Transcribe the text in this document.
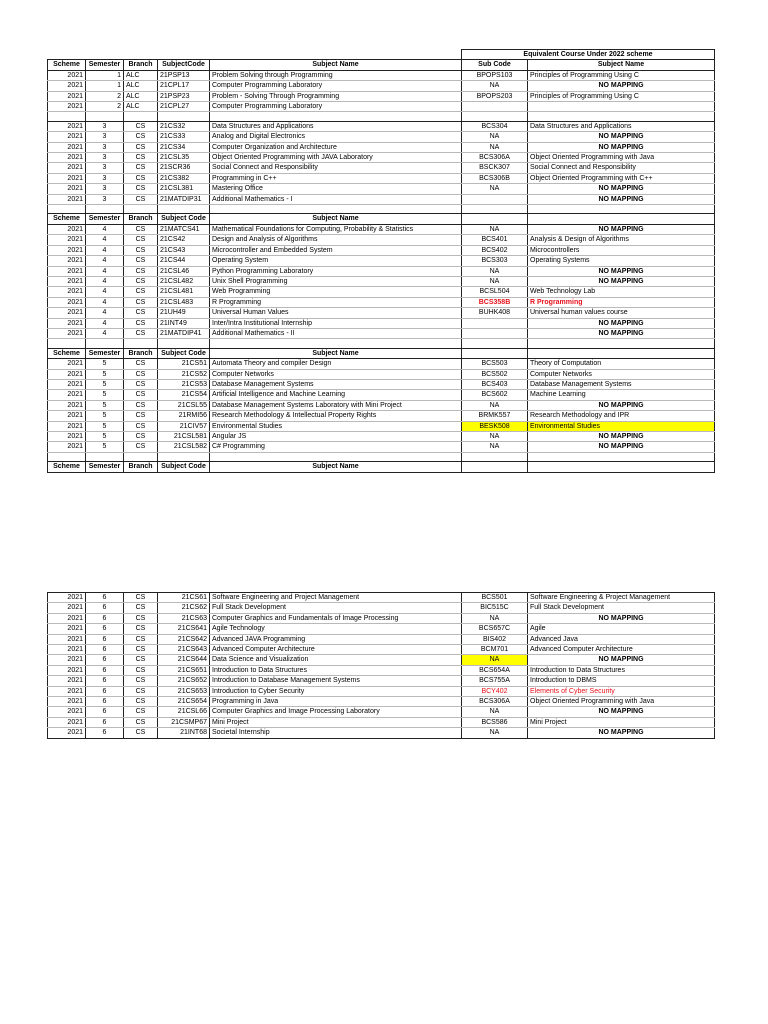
					Equivalent Course Under 2022 scheme	
Scheme	Semester	Branch	SubjectCode	Subject Name	Sub Code	Subject Name
2021	1	ALC	21PSP13	Problem Solving through Programming	BPOPS103	Principles of Programming Using C
2021	1	ALC	21CPL17	Computer Programming Laboratory	NA	NO MAPPING
2021	2	ALC	21PSP23	Problem - Solving Through Programming	BPOPS203	Principles of Programming Using C
2021	2	ALC	21CPL27	Computer Programming Laboratory		

2021	3	CS	21CS32	Data Structures and Applications	BCS304	Data Structures and Applications
2021	3	CS	21CS33	Analog and Digital Electronics	NA	NO MAPPING
2021	3	CS	21CS34	Computer Organization and Architecture	NA	NO MAPPING
2021	3	CS	21CSL35	Object Oriented Programming with JAVA Laboratory	BCS306A	Object Oriented Programming with Java
2021	3	CS	21SCR36	Social Connect and Responsibility	BSCK307	Social Connect and Responsibility
2021	3	CS	21CS382	Programming in C++	BCS306B	Object Oriented Programming with C++
2021	3	CS	21CSL381	Mastering Office	NA	NO MAPPING
2021	3	CS	21MATDIP31	Additional Mathematics - I		NO MAPPING

Scheme	Semester	Branch	Subject Code	Subject Name		
2021	4	CS	21MATCS41	Mathematical Foundations for Computing, Probability & Statistics	NA	NO MAPPING
2021	4	CS	21CS42	Design and Analysis of Algorithms	BCS401	Analysis & Design of Algorithms
2021	4	CS	21CS43	Microcontroller and Embedded System	BCS402	Microcontrollers
2021	4	CS	21CS44	Operating System	BCS303	Operating Systems
2021	4	CS	21CSL46	Python Programming Laboratory	NA	NO MAPPING
2021	4	CS	21CSL482	Unix Shell Programming	NA	NO MAPPING
2021	4	CS	21CSL481	Web Programming	BCSL504	Web Technology Lab
2021	4	CS	21CSL483	R Programming	BCS358B	R Programming
2021	4	CS	21UH49	Universal Human Values	BUHK408	Universal human values course
2021	4	CS	21INT49	Inter/Intra Institutional Internship		NO MAPPING
2021	4	CS	21MATDIP41	Additional Mathematics - II		NO MAPPING

Scheme	Semester	Branch	Subject Code	Subject Name		
2021	5	CS	21CS51	Automata Theory and compiler Design	BCS503	Theory of Computation
2021	5	CS	21CS52	Computer Networks	BCS502	Computer Networks
2021	5	CS	21CS53	Database Management Systems	BCS403	Database Management Systems
2021	5	CS	21CS54	Artificial Intelligence and Machine Learning	BCS602	Machine Learning
2021	5	CS	21CSL55	Database Management Systems Laboratory with Mini Project	NA	NO MAPPING
2021	5	CS	21RMI56	Research Methodology & Intellectual Property Rights	BRMK557	Research Methodology and IPR
2021	5	CS	21CIV57	Environmental Studies	BESK508	Environmental Studies
2021	5	CS	21CSL581	Angular JS	NA	NO MAPPING
2021	5	CS	21CSL582	C# Programming	NA	NO MAPPING

Scheme	Semester	Branch	Subject Code	Subject Name		
2021	6	CS	21CS61	Software Engineering and Project Management	BCS501	Software Engineering & Project Management
2021	6	CS	21CS62	Full Stack Development	BIC515C	Full Stack Development
2021	6	CS	21CS63	Computer Graphics and Fundamentals of Image Processing	NA	NO MAPPING
2021	6	CS	21CS641	Agile Technology	BCS657C	Agile
2021	6	CS	21CS642	Advanced JAVA Programming	BIS402	Advanced Java
2021	6	CS	21CS643	Advanced Computer Architecture	BCM701	Advanced Computer Architecture
2021	6	CS	21CS644	Data Science and Visualization	NA	NO MAPPING
2021	6	CS	21CS651	Introduction to Data Structures	BCS654A	Introduction to Data Structures
2021	6	CS	21CS652	Introduction to Database Management Systems	BCS755A	Introduction to DBMS
2021	6	CS	21CS653	Introduction to Cyber Security	BCY402	Elements of Cyber Security
2021	6	CS	21CS654	Programming in Java	BCS306A	Object Oriented Programming with Java
2021	6	CS	21CSL66	Computer Graphics and Image Processing Laboratory	NA	NO MAPPING
2021	6	CS	21CSMP67	Mini Project	BCS586	Mini Project
2021	6	CS	21INT68	Societal Internship	NA	NO MAPPING
